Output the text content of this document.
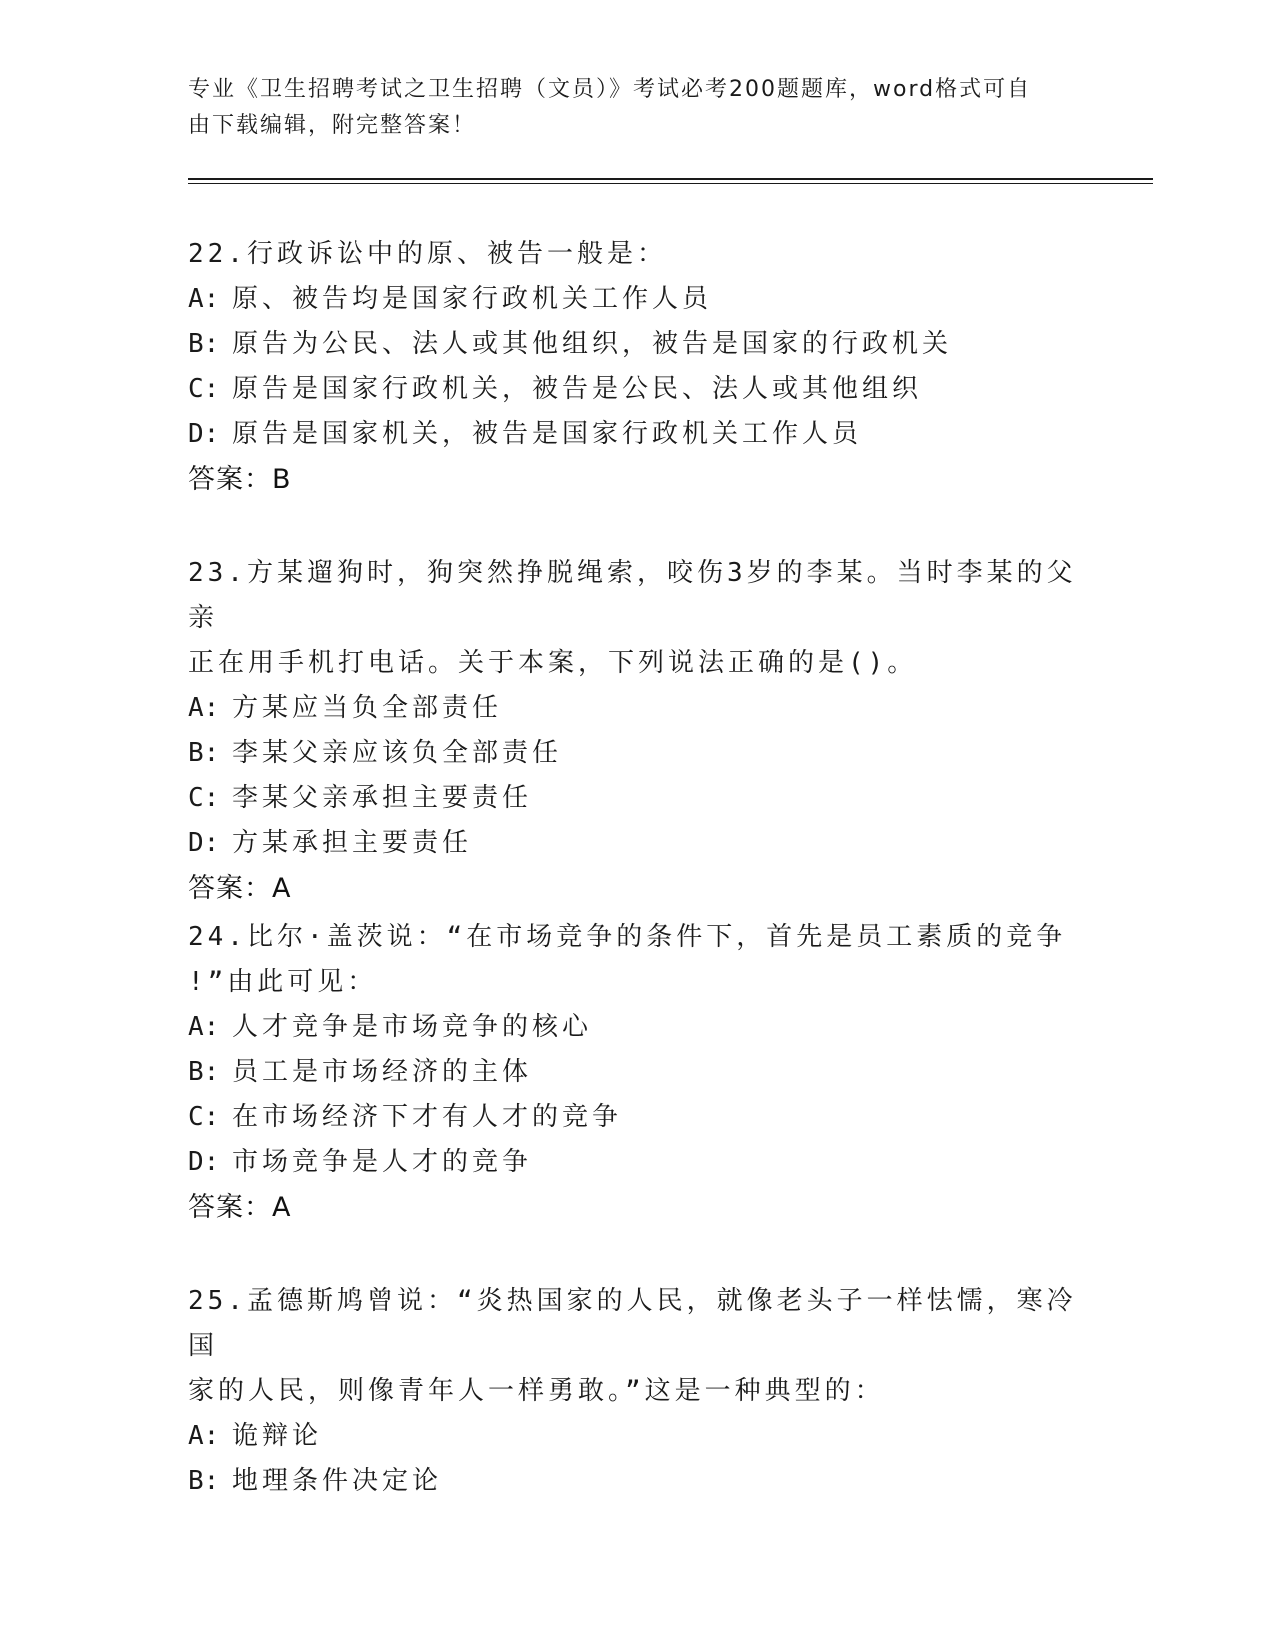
专业《卫生招聘考试之卫生招聘（文员）》考试必考200题题库，word格式可自
由下载编辑，附完整答案！

22.行政诉讼中的原、被告一般是：

A: 原、被告均是国家行政机关工作人员

B: 原告为公民、法人或其他组织，被告是国家的行政机关

C: 原告是国家行政机关，被告是公民、法人或其他组织

D: 原告是国家机关，被告是国家行政机关工作人员

答案：B

23.方某遛狗时，狗突然挣脱绳索，咬伤3岁的李某。当时李某的父亲

正在用手机打电话。关于本案，下列说法正确的是()。

A: 方某应当负全部责任

B: 李某父亲应该负全部责任

C: 李某父亲承担主要责任

D: 方某承担主要责任

答案：A

24.比尔·盖茨说：“在市场竞争的条件下，首先是员工素质的竞争

!”由此可见：

A: 人才竞争是市场竞争的核心

B: 员工是市场经济的主体

C: 在市场经济下才有人才的竞争

D: 市场竞争是人才的竞争

答案：A

25.孟德斯鸠曾说：“炎热国家的人民，就像老头子一样怯懦，寒冷国

家的人民，则像青年人一样勇敢。”这是一种典型的：

A: 诡辩论

B: 地理条件决定论
